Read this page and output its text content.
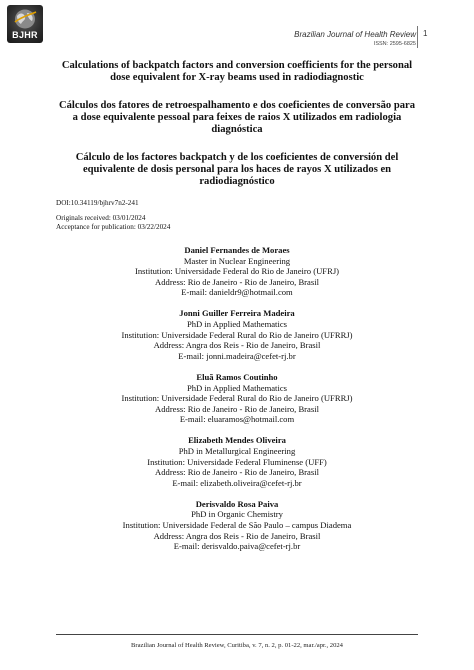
BJHR	Brazilian Journal of Health Review
ISSN: 2595-6825
1
Calculations of backpatch factors and conversion coefficients for the personal dose equivalent for X-ray beams used in radiodiagnostic
Cálculos dos fatores de retroespalhamento e dos coeficientes de conversão para a dose equivalente pessoal para feixes de raios X utilizados em radiologia diagnóstica
Cálculo de los factores backpatch y de los coeficientes de conversión del equivalente de dosis personal para los haces de rayos X utilizados en radiodiagnóstico
DOI:10.34119/bjhrv7n2-241
Originals received: 03/01/2024
Acceptance for publication: 03/22/2024
Daniel Fernandes de Moraes
Master in Nuclear Engineering
Institution: Universidade Federal do Rio de Janeiro (UFRJ)
Address: Rio de Janeiro - Rio de Janeiro, Brasil
E-mail: danieldr9@hotmail.com
Jonni Guiller Ferreira Madeira
PhD in Applied Mathematics
Institution: Universidade Federal Rural do Rio de Janeiro (UFRRJ)
Address: Angra dos Reis - Rio de Janeiro, Brasil
E-mail: jonni.madeira@cefet-rj.br
Eluã Ramos Coutinho
PhD in Applied Mathematics
Institution: Universidade Federal Rural do Rio de Janeiro (UFRRJ)
Address: Rio de Janeiro - Rio de Janeiro, Brasil
E-mail: eluaramos@hotmail.com
Elizabeth Mendes Oliveira
PhD in Metallurgical Engineering
Institution: Universidade Federal Fluminense (UFF)
Address: Rio de Janeiro - Rio de Janeiro, Brasil
E-mail: elizabeth.oliveira@cefet-rj.br
Derisvaldo Rosa Paiva
PhD in Organic Chemistry
Institution: Universidade Federal de São Paulo – campus Diadema
Address: Angra dos Reis - Rio de Janeiro, Brasil
E-mail: derisvaldo.paiva@cefet-rj.br
Brazilian Journal of Health Review, Curitiba, v. 7, n. 2, p. 01-22, mar./apr., 2024
